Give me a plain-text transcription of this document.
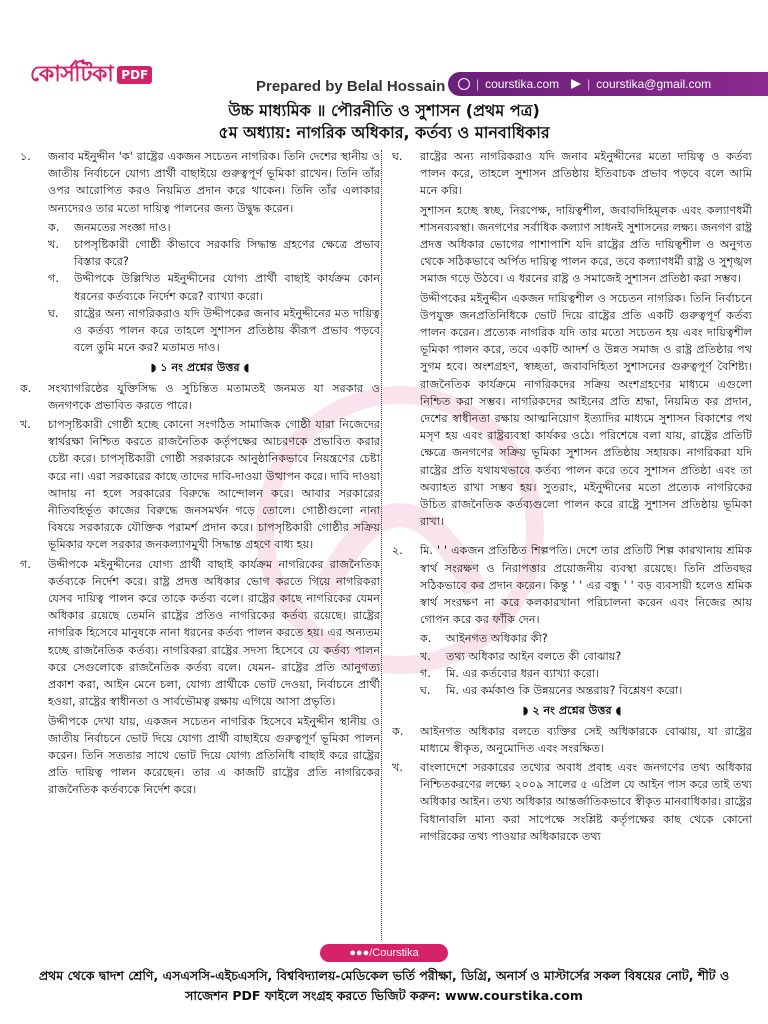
কোর্সটিকা PDF
Prepared by Belal Hossain	| courstika.com | courstika@gmail.com
উচ্চ মাধ্যমিক ॥ পৌরনীতি ও সুশাসন (প্রথম পত্র)
৫ম অধ্যায়: নাগরিক অধিকার, কর্তব্য ও মানবাধিকার
১.	জনাব মইনুদ্দীন 'ক' রাষ্ট্রের একজন সচেতন নাগরিক। তিনি দেশের স্থানীয় ও জাতীয় নির্বাচনে যোগ্য প্রার্থী বাছাইয়ে গুরুত্বপূর্ণ ভূমিকা রাখেন। তিনি তাঁর ওপর আরোপিত করও নিয়মিত প্রদান করে থাকেন। তিনি তাঁর এলাকার অন্যদেরও তার মতো দায়িত্ব পালনের জন্য উদ্বুদ্ধ করেন।
ক.	জনমতের সংজ্ঞা দাও।
খ.	চাপসৃষ্টিকারী গোষ্ঠী কীভাবে সরকারি সিদ্ধান্ত গ্রহণের ক্ষেত্রে প্রভাব বিস্তার করে?
গ.	উদ্দীপকে উল্লিখিত মইনুদ্দীনের যোগ্য প্রার্থী বাছাই কার্যক্রম কোন ধরনের কর্তব্যকে নির্দেশ করে? ব্যাখ্যা করো।
ঘ.	রাষ্ট্রের অন্য নাগরিকরাও যদি উদ্দীপকের জনাব মইনুদ্দীনের মত দায়িত্ব ও কর্তব্য পালন করে তাহলে সুশাসন প্রতিষ্ঠায় কীরূপ প্রভাব পড়বে বলে তুমি মনে কর? মতামত দাও।
◗ ১ নং প্রশ্নের উত্তর ◖
ক.	সংখ্যাগরিষ্ঠের যুক্তিসিদ্ধ ও সুচিন্তিত মতামতই জনমত যা সরকার ও জনগণকে প্রভাবিত করতে পারে।
খ.	চাপসৃষ্টিকারী গোষ্ঠী হচ্ছে কোনো সংগঠিত সামাজিক গোষ্ঠী যারা নিজেদের স্বার্থরক্ষা নিশ্চিত করতে রাজনৈতিক কর্তৃপক্ষের আচরণকে প্রভাবিত করার চেষ্টা করে। চাপসৃষ্টিকারী গোষ্ঠী সরকারকে আনুষ্ঠানিকভাবে নিয়ন্ত্রণের চেষ্টা করে না। এরা সরকারের কাছে তাদের দাবি-দাওয়া উত্থাপন করে। দাবি দাওয়া আদায় না হলে সরকারের বিরুদ্ধে আন্দোলন করে। আবার সরকারের নীতিবহির্ভূত কাজের বিরুদ্ধে জনসমর্থন গড়ে তোলে। গোষ্ঠীগুলো নানা বিষয়ে সরকারকে যৌক্তিক পরামর্শ প্রদান করে। চাপসৃষ্টিকারী গোষ্ঠীর সক্রিয় ভূমিকার ফলে সরকার জনকল্যাণমুখী সিদ্ধান্ত গ্রহণে বাধ্য হয়।
গ.	উদ্দীপকে মইনুদ্দীনের যোগ্য প্রার্থী বাছাই কার্যক্রম নাগরিকের রাজনৈতিক কর্তব্যকে নির্দেশ করে। রাষ্ট্র প্রদত্ত অধিকার ভোগ করতে গিয়ে নাগরিকরা যেসব দায়িত্ব পালন করে তাকে কর্তব্য বলে। রাষ্ট্রের কাছে নাগরিকের যেমন অধিকার রয়েছে তেমনি রাষ্ট্রের প্রতিও নাগরিকের কর্তব্য রয়েছে। রাষ্ট্রের নাগরিক হিসেবে মানুষকে নানা ধরনের কর্তব্য পালন করতে হয়। এর অন্যতম হচ্ছে রাজনৈতিক কর্তব্য। নাগরিকরা রাষ্ট্রের সদস্য হিসেবে যে কর্তব্য পালন করে সেগুলোকে রাজনৈতিক কর্তব্য বলে। যেমন- রাষ্ট্রের প্রতি আনুগত্য প্রকাশ করা, আইন মেনে চলা, যোগ্য প্রার্থীকে ভোট দেওয়া, নির্বাচনে প্রার্থী হওয়া, রাষ্ট্রের স্বাধীনতা ও সার্বভৌমত্ব রক্ষায় এগিয়ে আসা প্রভৃতি।
উদ্দীপকে দেখা যায়, একজন সচেতন নাগরিক হিসেবে মইনুদ্দীন স্থানীয় ও জাতীয় নির্বাচনে ভোট দিয়ে যোগ্য প্রার্থী বাছাইয়ে গুরুত্বপূর্ণ ভূমিকা পালন করেন। তিনি সততার সাথে ভোট দিয়ে যোগ্য প্রতিনিধি বাছাই করে রাষ্ট্রের প্রতি দায়িত্ব পালন করেছেন। তার এ কাজটি রাষ্ট্রের প্রতি নাগরিকের রাজনৈতিক কর্তব্যকে নির্দেশ করে।
ঘ.	রাষ্ট্রের অন্য নাগরিকরাও যদি জনাব মইনুদ্দীনের মতো দায়িত্ব ও কর্তব্য পালন করে, তাহলে সুশাসন প্রতিষ্ঠায় ইতিবাচক প্রভাব পড়বে বলে আমি মনে করি।
সুশাসন হচ্ছে স্বচ্ছ, নিরপেক্ষ, দায়িত্বশীল, জবাবদিহিমূলক এবং কল্যাণধর্মী শাসনব্যবস্থা। জনগণের সর্বাধিক কল্যাণ সাধনই সুশাসনের লক্ষ্য। জনগণ রাষ্ট্র প্রদত্ত অধিকার ভোগের পাশাপাশি যদি রাষ্ট্রের প্রতি দায়িত্বশীল ও অনুগত থেকে সঠিকভাবে অর্পিত দায়িত্ব পালন করে, তবে কল্যাণধর্মী রাষ্ট্র ও সুশৃঙ্খল সমাজ গড়ে উঠবে। এ ধরনের রাষ্ট্র ও সমাজেই সুশাসন প্রতিষ্ঠা করা সম্ভব।
উদ্দীপকের মইনুদ্দীন একজন দায়িত্বশীল ও সচেতন নাগরিক। তিনি নির্বাচনে উপযুক্ত জনপ্রতিনিধিকে ভোট দিয়ে রাষ্ট্রের প্রতি একটি গুরুত্বপূর্ণ কর্তব্য পালন করেন। প্রত্যেক নাগরিক যদি তার মতো সচেতন হয় এবং দায়িত্বশীল ভূমিকা পালন করে, তবে একটি আদর্শ ও উন্নত সমাজ ও রাষ্ট্র প্রতিষ্ঠার পথ সুগম হবে। অংশগ্রহণ, স্বচ্ছতা, জবাবদিহিতা সুশাসনের গুরুত্বপূর্ণ বৈশিষ্ট্য। রাজনৈতিক কার্যক্রমে নাগরিকদের সক্রিয় অংশগ্রহণের মাধ্যমে এগুলো নিশ্চিত করা সম্ভব। নাগরিকদের আইনের প্রতি শ্রদ্ধা, নিয়মিত কর প্রদান, দেশের স্বাধীনতা রক্ষায় আত্মনিয়োগ ইত্যাদির মাধ্যমে সুশাসন বিকাশের পথ মসৃণ হয় এবং রাষ্ট্রব্যবস্থা কার্যকর ওঠে। পরিশেষে বলা যায়, রাষ্ট্রের প্রতিটি ক্ষেত্রে জনগণের সক্রিয় ভূমিকা সুশাসন প্রতিষ্ঠায় সহায়ক। নাগরিকরা যদি রাষ্ট্রের প্রতি যথাযথভাবে কর্তব্য পালন করে তবে সুশাসন প্রতিষ্ঠা এবং তা অব্যাহত রাখা সম্ভব হয়। সুতরাং, মইনুদ্দীনের মতো প্রত্যেক নাগরিকের উচিত রাজনৈতিক কর্তব্যগুলো পালন করে রাষ্ট্রে সুশাসন প্রতিষ্ঠায় ভূমিকা রাখা।
২.	মি. ' ' একজন প্রতিষ্ঠিত শিল্পপতি। দেশে তার প্রতিটি শিল্প কারখানায় শ্রমিক স্বার্থ সংরক্ষণ ও নিরাপত্তার প্রয়োজনীয় ব্যবস্থা রয়েছে। তিনি প্রতিবছর সঠিকভাবে কর প্রদান করেন। কিন্তু ' ' এর বন্ধু ' ' বড় ব্যবসায়ী হলেও শ্রমিক স্বার্থ সংরক্ষণ না করে কলকারখানা পরিচালনা করেন এবং নিজের আয় গোপন করে কর ফাঁকি দেন।
ক.	আইনগত অধিকার কী?
খ.	তথ্য অধিকার আইন বলতে কী বোঝায়?
গ.	মি. এর কর্তব্যের ধরন ব্যাখ্যা করো।
ঘ.	মি. এর কর্মকাণ্ড কি উন্নয়নের অন্তরায়? বিশ্লেষণ করো।
◗ ২ নং প্রশ্নের উত্তর ◖
ক.	আইনগত অধিকার বলতে ব্যক্তির সেই অধিকারকে বোঝায়, যা রাষ্ট্রের মাধ্যমে স্বীকৃত, অনুমোদিত এবং সংরক্ষিত।
খ.	বাংলাদেশে সরকারের তথ্যের অবাধ প্রবাহ এবং জনগণের তথ্য অধিকার নিশ্চিতকরণের লক্ষ্যে ২০০৯ সালের ৫ এপ্রিল যে আইন পাস করে তাই তথ্য অধিকার আইন। তথ্য অধিকার আন্তর্জাতিকভাবে স্বীকৃত মানবাধিকার। রাষ্ট্রের বিধানাবলি মান্য করা সাপেক্ষে সংশ্লিষ্ট কর্তৃপক্ষের কাছ থেকে কোনো নাগরিকের তথ্য পাওয়ার অধিকারকে তথ্য
●●●/Courstika
প্রথম থেকে দ্বাদশ শ্রেণি, এসএসসি-এইচএসসি, বিশ্ববিদ্যালয়-মেডিকেল ভর্তি পরীক্ষা, ডিগ্রি, অনার্স ও মাস্টার্সের সকল বিষয়ের নোট, শীট ও
সাজেশন PDF ফাইলে সংগ্রহ করতে ভিজিট করুন: www.courstika.com
